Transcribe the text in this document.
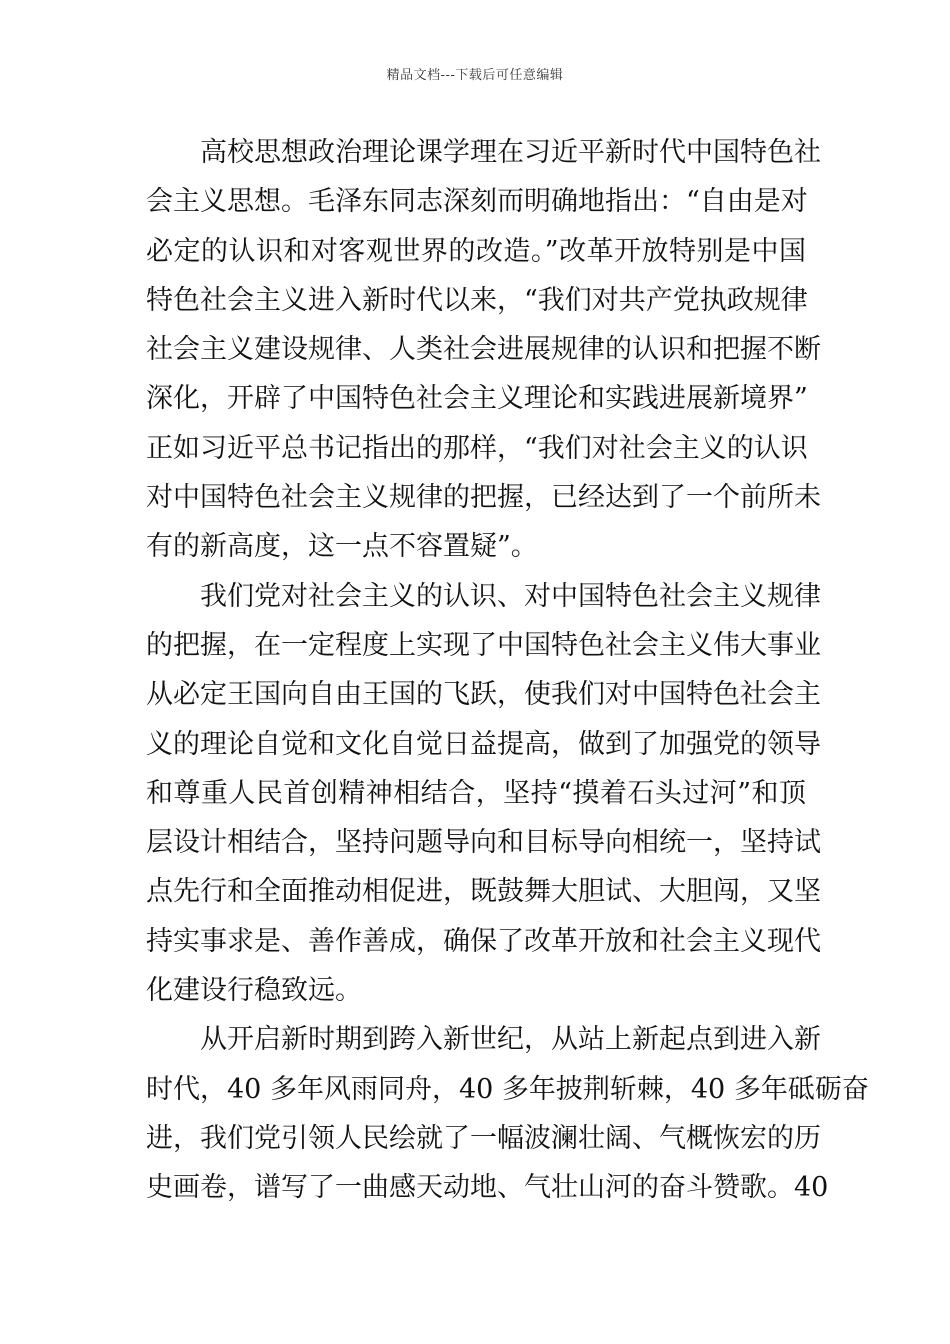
精品文档---下载后可任意编辑

高校思想政治理论课学理在习近平新时代中国特色社
会主义思想。毛泽东同志深刻而明确地指出：“自由是对
必定的认识和对客观世界的改造。”改革开放特别是中国
特色社会主义进入新时代以来，“我们对共产党执政规律
社会主义建设规律、人类社会进展规律的认识和把握不断
深化，开辟了中国特色社会主义理论和实践进展新境界”
正如习近平总书记指出的那样，“我们对社会主义的认识
对中国特色社会主义规律的把握，已经达到了一个前所未
有的新高度，这一点不容置疑”。

我们党对社会主义的认识、对中国特色社会主义规律
的把握，在一定程度上实现了中国特色社会主义伟大事业
从必定王国向自由王国的飞跃，使我们对中国特色社会主
义的理论自觉和文化自觉日益提高，做到了加强党的领导
和尊重人民首创精神相结合，坚持“摸着石头过河”和顶
层设计相结合，坚持问题导向和目标导向相统一，坚持试
点先行和全面推动相促进，既鼓舞大胆试、大胆闯，又坚
持实事求是、善作善成，确保了改革开放和社会主义现代
化建设行稳致远。

从开启新时期到跨入新世纪，从站上新起点到进入新
时代，40 多年风雨同舟，40 多年披荆斩棘，40 多年砥砺奋
进，我们党引领人民绘就了一幅波澜壮阔、气概恢宏的历
史画卷，谱写了一曲感天动地、气壮山河的奋斗赞歌。40
